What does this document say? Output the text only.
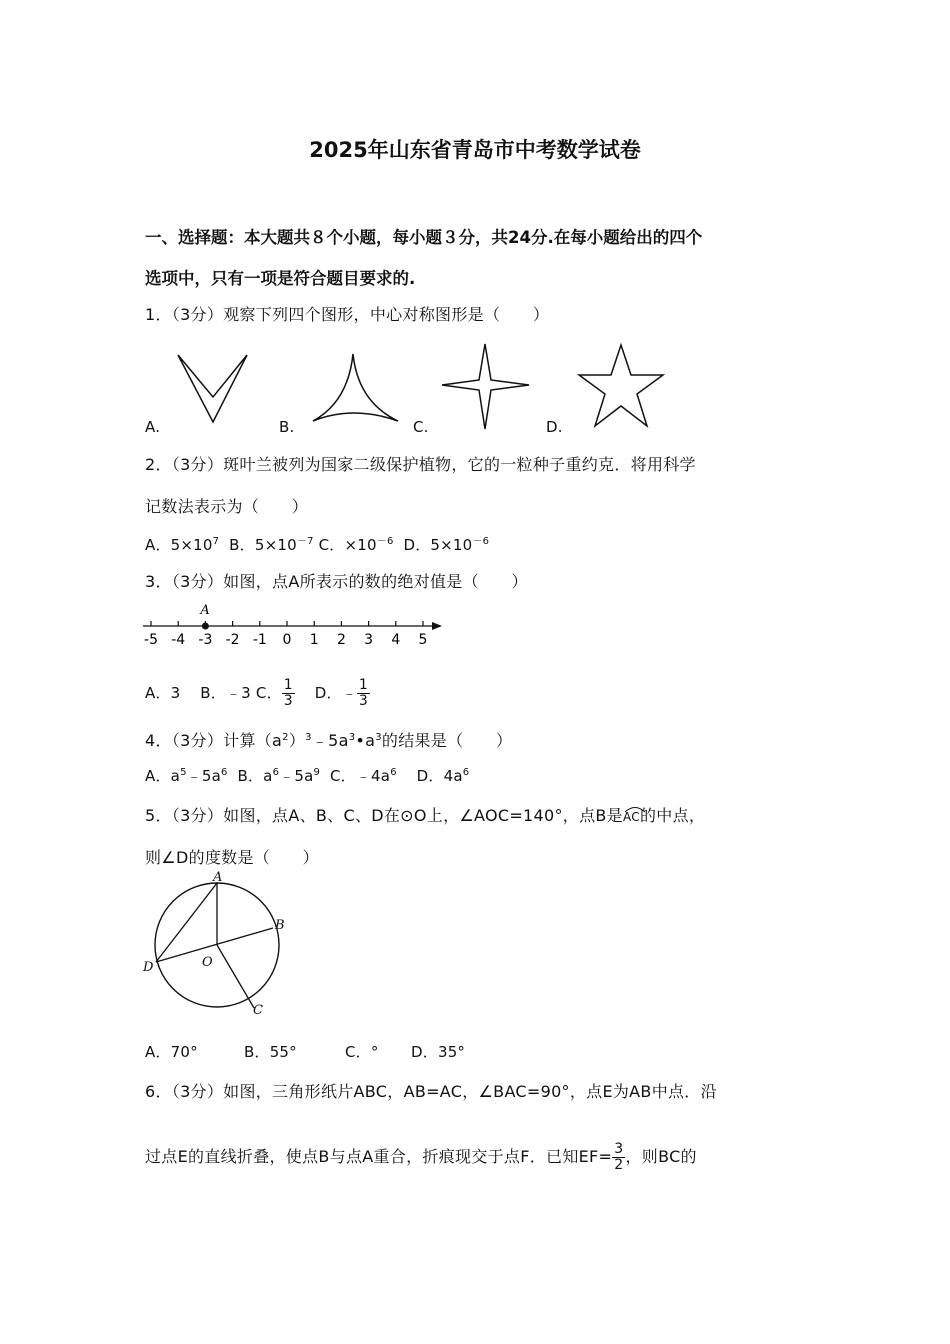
2025年山东省青岛市中考数学试卷
一、选择题：本大题共８个小题，每小题３分，共24分.在每小题给出的四个
选项中，只有一项是符合题目要求的.
1．（3分）观察下列四个图形，中心对称图形是（　　）
A.	B.	C.	D.
2．（3分）斑叶兰被列为国家二级保护植物，它的一粒种子重约克．将用科学
记数法表示为（　　）
A．$5\times 10^7$ B．$5\times 10^{-7}$ C．$\times 10^{-6}$ D．$5\times 10^{-6}$
3．（3分）如图，点A所表示的数的绝对值是（　　）
-5 -4 -3 -2 -1 0 1 2 3 4 5
A
A．3 B．﹣3 C． $\frac{1}{3}$ D．﹣ $\frac{1}{3}$
4．（3分）计算$(a^2)^3﹣5a^3•a^3$的结果是（　　）
A．$a^5﹣5a^6$ B．$a^6﹣5a^9$ C．$﹣4a^6$ D．$4a^6$
5．（3分）如图，点A、B、C、D在⊙O上，∠AOC=140°，点B是
AC的中点，
则∠D的度数是（　　）
A
B
C
D	O
A．70°	B．55°	C．° D．35°
6．（3分）如图，三角形纸片ABC，AB=AC，∠BAC=90°，点E为AB中点．沿
过点E的直线折叠，使点B与点A重合，折痕现交于点F．已知$EF= \frac{3}{2}$ ，则BC的
